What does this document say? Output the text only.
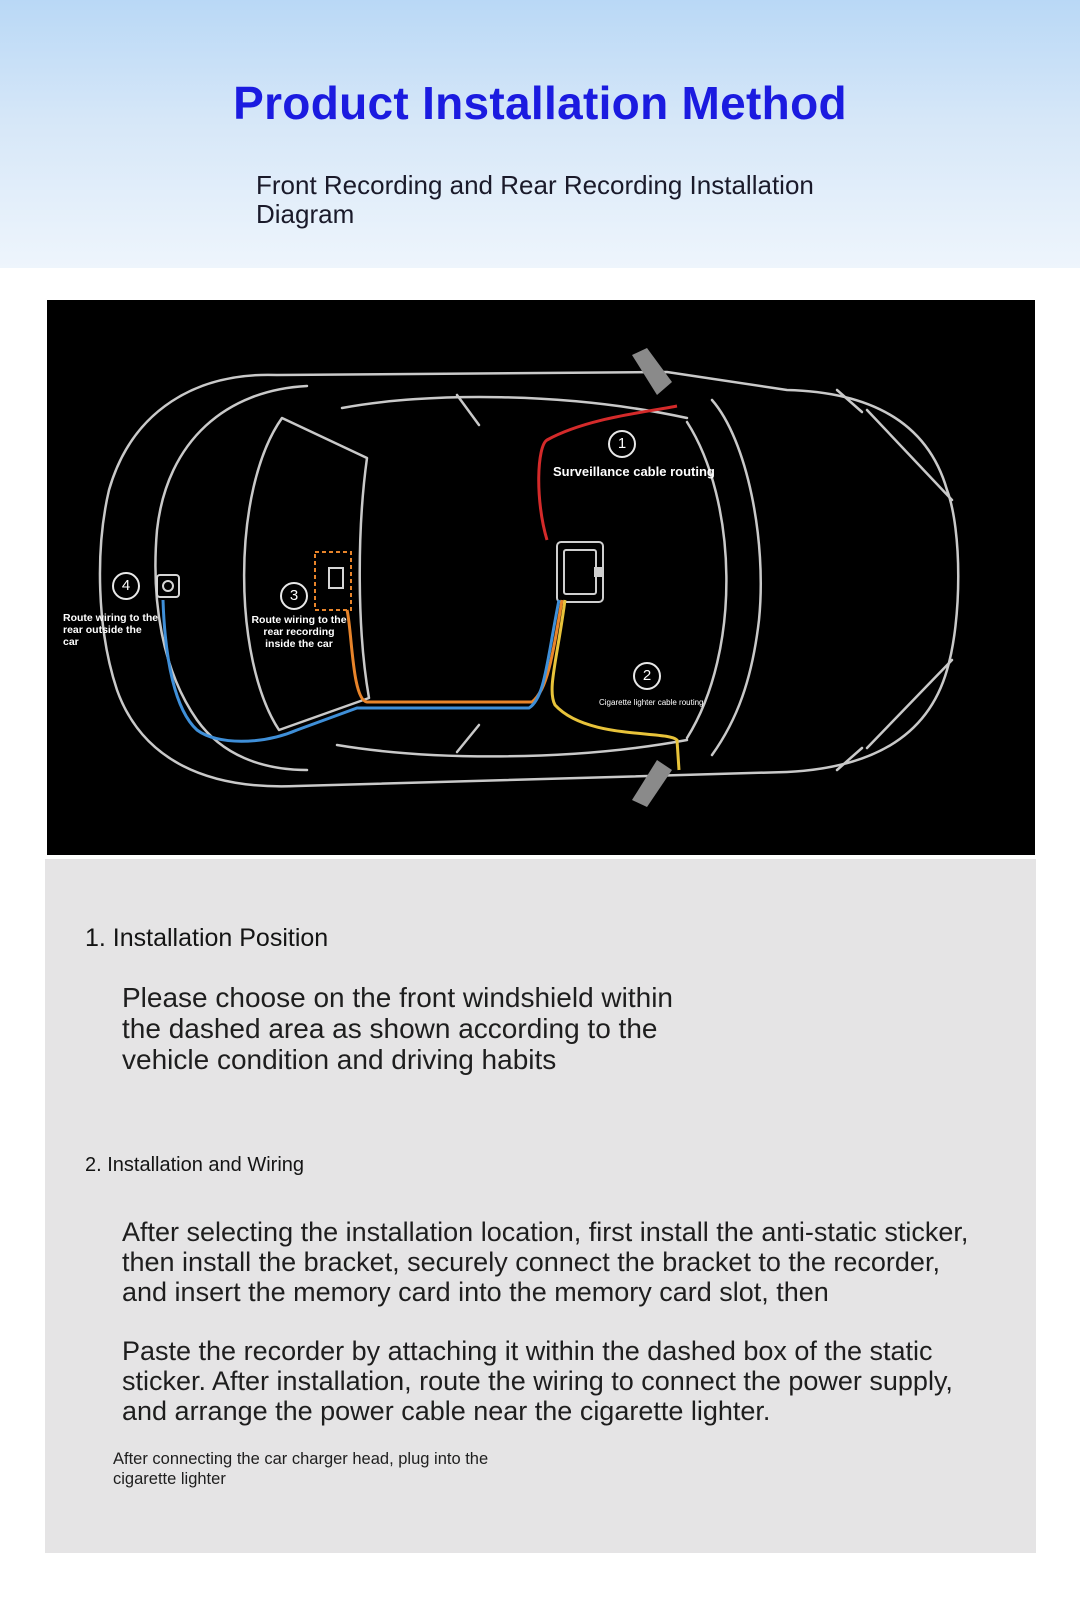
Product Installation Method

Front Recording and Rear Recording Installation Diagram

1
Surveillance cable routing
2
Cigarette lighter cable routing
3
Route wiring to the rear recording inside the car
4
Route wiring to the rear outside the car
1. Installation Position

Please choose on the front windshield within the dashed area as shown according to the vehicle condition and driving habits

2. Installation and Wiring

After selecting the installation location, first install the anti-static sticker, then install the bracket, securely connect the bracket to the recorder, and insert the memory card into the memory card slot, then

Paste the recorder by attaching it within the dashed box of the static sticker. After installation, route the wiring to connect the power supply, and arrange the power cable near the cigarette lighter.

After connecting the car charger head, plug into the cigarette lighter
